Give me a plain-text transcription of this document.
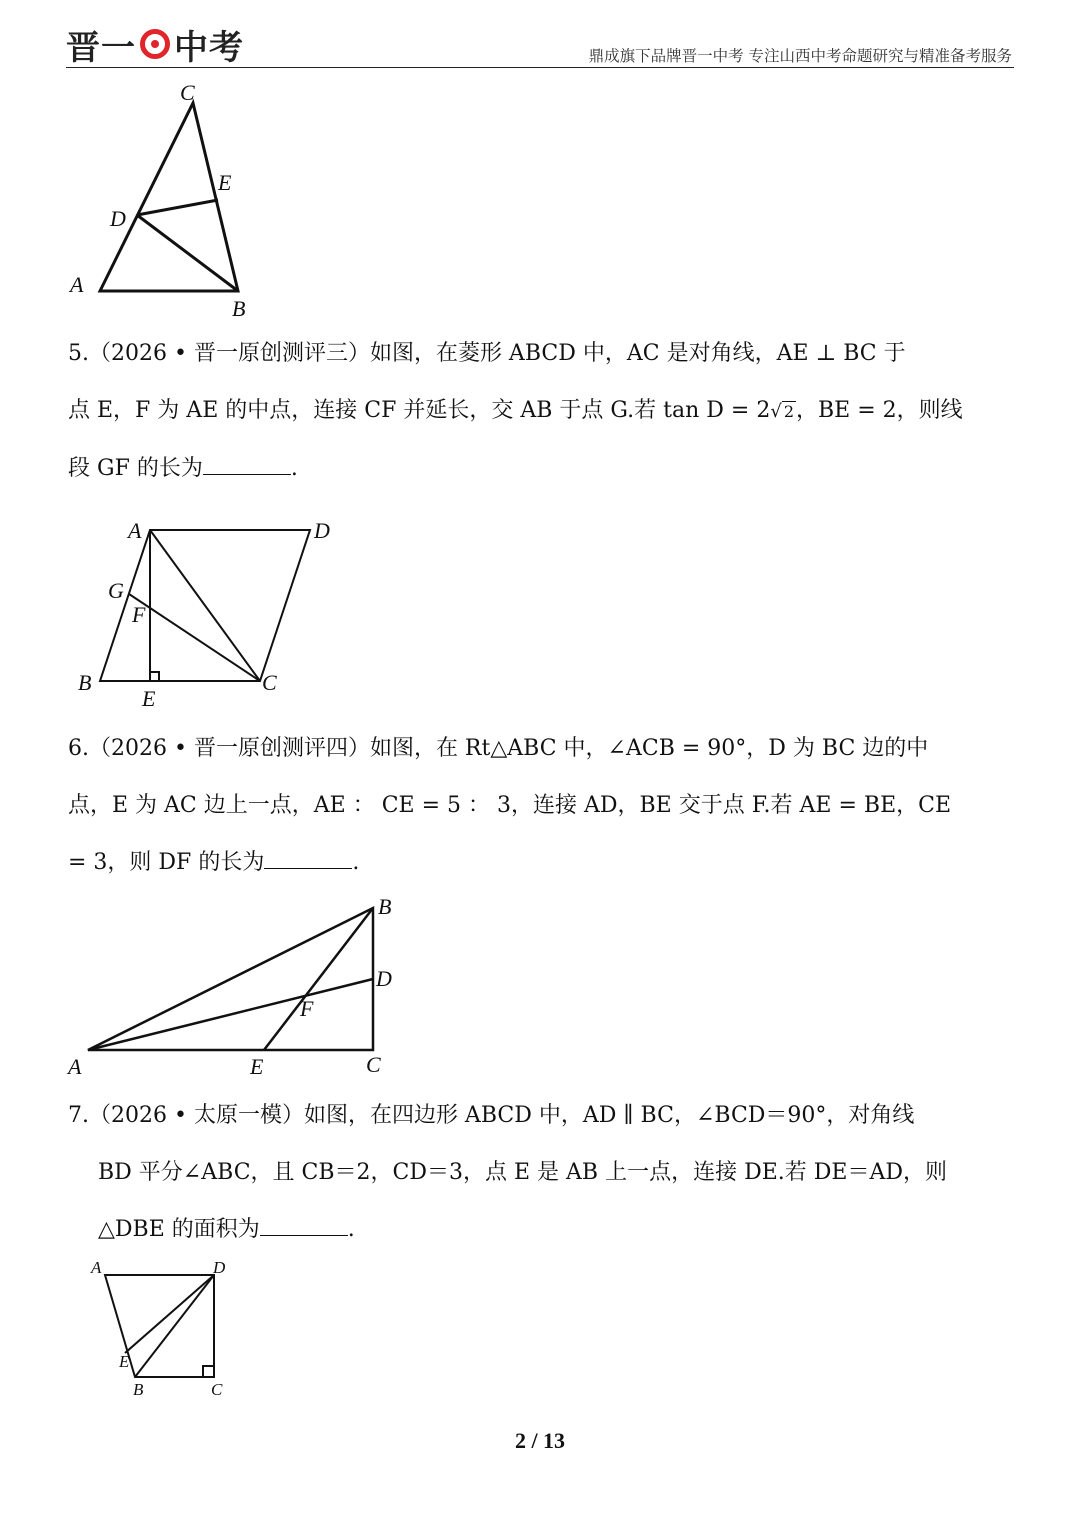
晋一 中考	鼎成旗下品牌晋一中考 专注山西中考命题研究与精准备考服务
C
E
D
A
B
5.（2026 • 晋一原创测评三）如图，在菱形 ABCD 中，AC 是对角线，AE ⊥ BC 于
点 E，F 为 AE 的中点，连接 CF 并延长，交 AB 于点 G.若 tan D = 2√ 2，BE = 2，则线
段 GF 的长为	.
A	D
G
F
B
E
C
6.（2026 • 晋一原创测评四）如图，在 Rt△ABC 中，∠ACB = 90°，D 为 BC 边的中
点，E 为 AC 边上一点，AE ： CE = 5 ： 3，连接 AD，BE 交于点 F.若 AE = BE，CE
= 3，则 DF 的长为	.
B
D
F
A	E	C
7.（2026 • 太原一模）如图，在四边形 ABCD 中，AD ∥ BC，∠BCD＝90°，对角线
BD 平分∠ABC，且 CB＝2，CD＝3，点 E 是 AB 上一点，连接 DE.若 DE＝AD，则
△DBE 的面积为	.
A	D
E
B	C
2 / 13
